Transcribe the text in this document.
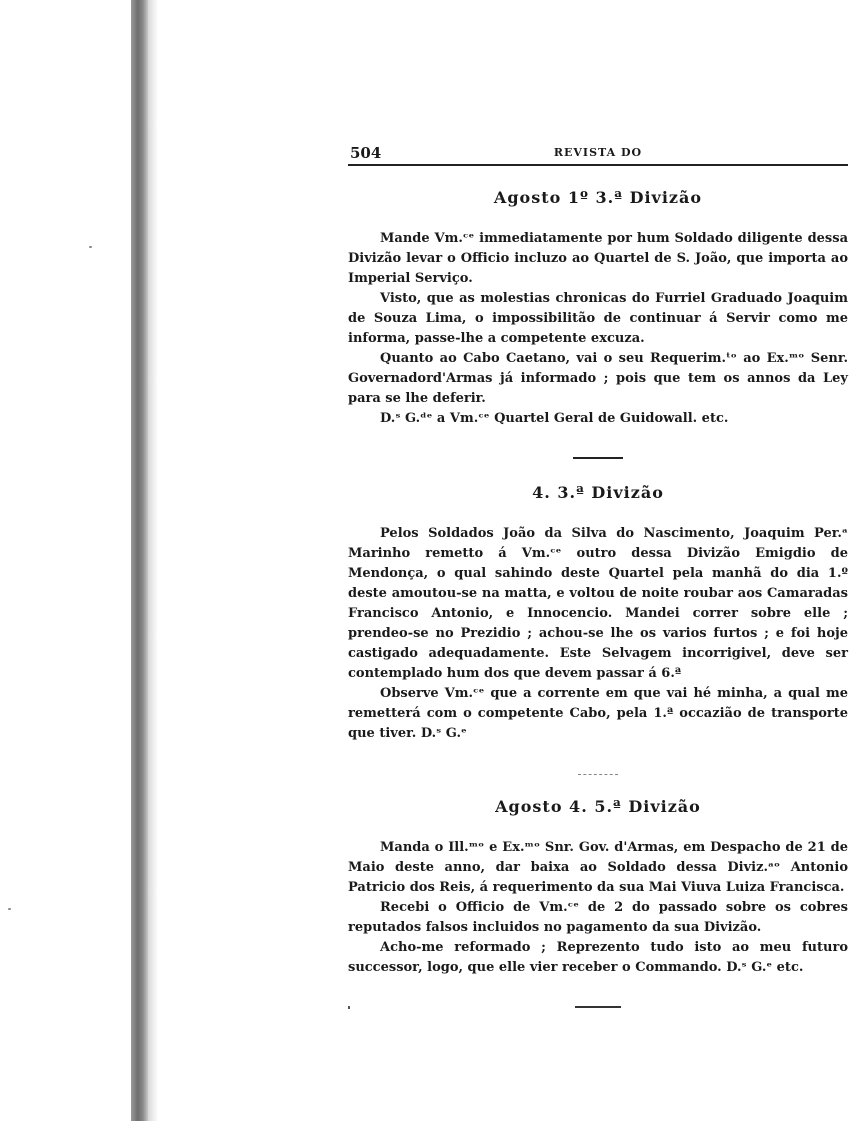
504	REVISTA DO
Agosto 1º 3.ª Divizão

Mande Vm.ᶜᵉ immediatamente por hum Soldado diligente dessa Divizão levar o Officio incluzo ao Quartel de S. João, que importa ao Imperial Serviço.

Visto, que as molestias chronicas do Furriel Graduado Joaquim de Souza Lima, o impossibilitão de continuar á Servir como me informa, passe-lhe a competente excuza.

Quanto ao Cabo Caetano, vai o seu Requerim.ᵗᵒ ao Ex.ᵐᵒ Senr. Governadord'Armas já informado ; pois que tem os annos da Ley para se lhe deferir.

D.ˢ G.ᵈᵉ a Vm.ᶜᵉ Quartel Geral de Guidowall. etc.

4. 3.ª Divizão

Pelos Soldados João da Silva do Nascimento, Joaquim Per.ᵃ Marinho remetto á Vm.ᶜᵉ outro dessa Divizão Emigdio de Mendonça, o qual sahindo deste Quartel pela manhã do dia 1.º deste amoutou-se na matta, e voltou de noite roubar aos Camaradas Francisco Antonio, e Innocencio. Mandei correr sobre elle ; prendeo-se no Prezidio ; achou-se lhe os varios furtos ; e foi hoje castigado adequadamente. Este Selvagem incorrigivel, deve ser contemplado hum dos que devem passar á 6.ª

Observe Vm.ᶜᵉ que a corrente em que vai hé minha, a qual me remetterá com o competente Cabo, pela 1.ª occazião de transporte que tiver. D.ˢ G.ᵉ

Agosto 4. 5.ª Divizão

Manda o Ill.ᵐᵒ e Ex.ᵐᵒ Snr. Gov. d'Armas, em Despacho de 21 de Maio deste anno, dar baixa ao Soldado dessa Diviz.ᵃᵒ Antonio Patricio dos Reis, á requerimento da sua Mai Viuva Luiza Francisca.

Recebi o Officio de Vm.ᶜᵉ de 2 do passado sobre os cobres reputados falsos incluidos no pagamento da sua Divizão.

Acho-me reformado ; Reprezento tudo isto ao meu futuro successor, logo, que elle vier receber o Commando. D.ˢ G.ᵉ etc.
